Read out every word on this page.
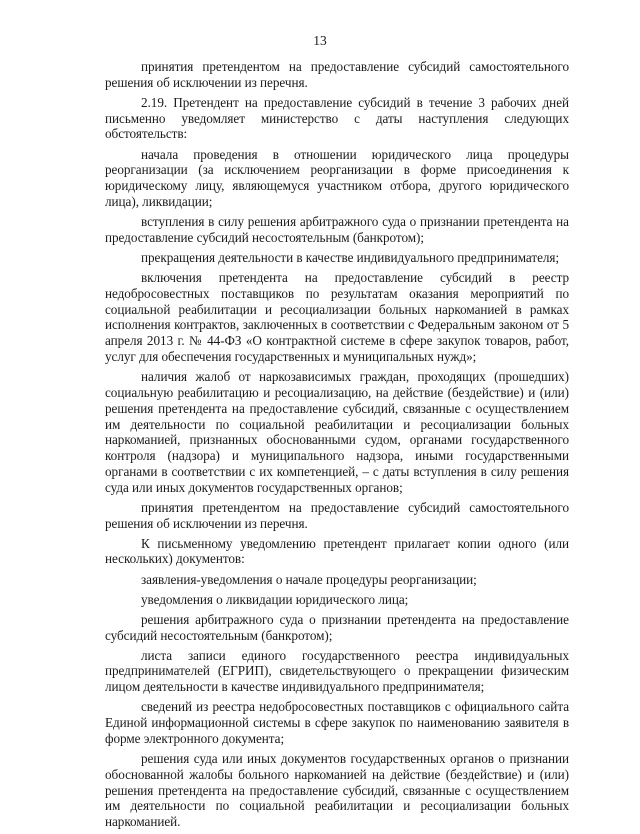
13

принятия претендентом на предоставление субсидий самостоятельного решения об исключении из перечня.

2.19. Претендент на предоставление субсидий в течение 3 рабочих дней письменно уведомляет министерство с даты наступления следующих обстоятельств:

начала проведения в отношении юридического лица процедуры реорганизации (за исключением реорганизации в форме присоединения к юридическому лицу, являющемуся участником отбора, другого юридического лица), ликвидации;

вступления в силу решения арбитражного суда о признании претендента на предоставление субсидий несостоятельным (банкротом);

прекращения деятельности в качестве индивидуального предпринимателя;

включения претендента на предоставление субсидий в реестр недобросовестных поставщиков по результатам оказания мероприятий по социальной реабилитации и ресоциализации больных наркоманией в рамках исполнения контрактов, заключенных в соответствии с Федеральным законом от 5 апреля 2013 г. № 44-ФЗ «О контрактной системе в сфере закупок товаров, работ, услуг для обеспечения государственных и муниципальных нужд»;

наличия жалоб от наркозависимых граждан, проходящих (прошедших) социальную реабилитацию и ресоциализацию, на действие (бездействие) и (или) решения претендента на предоставление субсидий, связанные с осуществлением им деятельности по социальной реабилитации и ресоциализации больных наркоманией, признанных обоснованными судом, органами государственного контроля (надзора) и муниципального надзора, иными государственными органами в соответствии с их компетенцией, – с даты вступления в силу решения суда или иных документов государственных органов;

принятия претендентом на предоставление субсидий самостоятельного решения об исключении из перечня.

К письменному уведомлению претендент прилагает копии одного (или нескольких) документов:

заявления-уведомления о начале процедуры реорганизации;

уведомления о ликвидации юридического лица;

решения арбитражного суда о признании претендента на предоставление субсидий несостоятельным (банкротом);

листа записи единого государственного реестра индивидуальных предпринимателей (ЕГРИП), свидетельствующего о прекращении физическим лицом деятельности в качестве индивидуального предпринимателя;

сведений из реестра недобросовестных поставщиков с официального сайта Единой информационной системы в сфере закупок по наименованию заявителя в форме электронного документа;

решения суда или иных документов государственных органов о признании обоснованной жалобы больного наркоманией на действие (бездействие) и (или) решения претендента на предоставление субсидий, связанные с осуществлением им деятельности по социальной реабилитации и ресоциализации больных наркоманией.
